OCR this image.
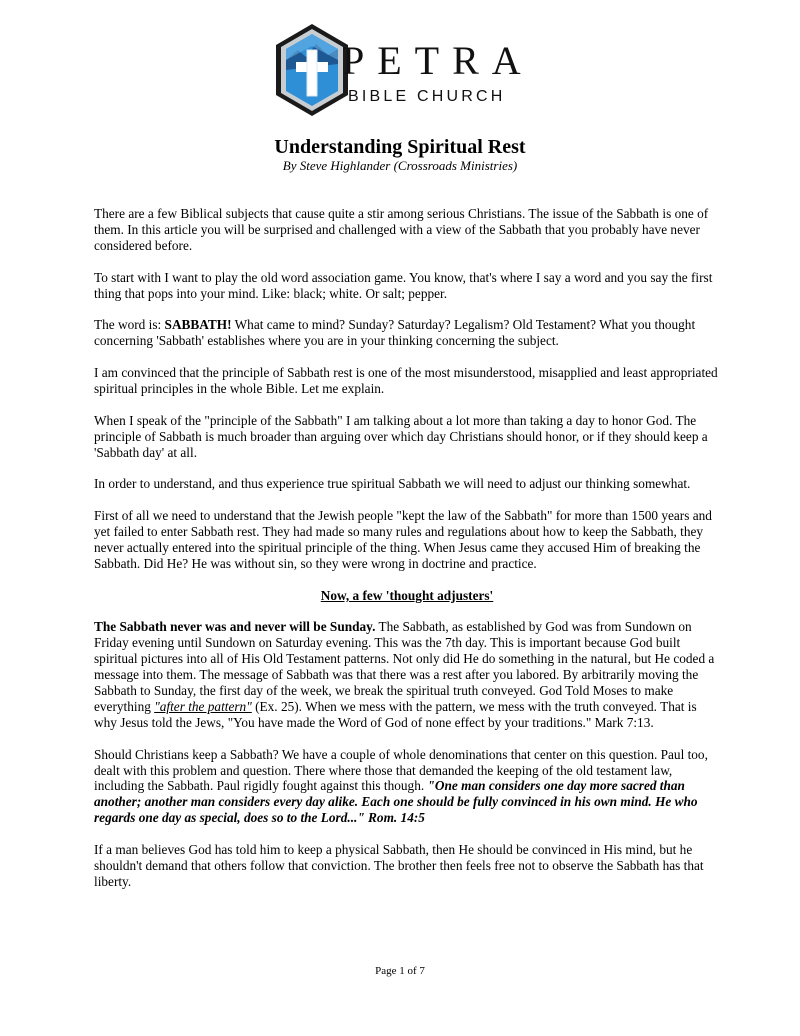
PETRA
BIBLE CHURCH
Understanding Spiritual Rest
By Steve Highlander (Crossroads Ministries)

There are a few Biblical subjects that cause quite a stir among serious Christians. The issue of the Sabbath is one of them. In this article you will be surprised and challenged with a view of the Sabbath that you probably have never considered before.

To start with I want to play the old word association game. You know, that's where I say a word and you say the first thing that pops into your mind. Like: black; white. Or salt; pepper.

The word is: SABBATH! What came to mind? Sunday? Saturday? Legalism? Old Testament? What you thought concerning 'Sabbath' establishes where you are in your thinking concerning the subject.

I am convinced that the principle of Sabbath rest is one of the most misunderstood, misapplied and least appropriated spiritual principles in the whole Bible. Let me explain.

When I speak of the "principle of the Sabbath" I am talking about a lot more than taking a day to honor God. The principle of Sabbath is much broader than arguing over which day Christians should honor, or if they should keep a 'Sabbath day' at all.

In order to understand, and thus experience true spiritual Sabbath we will need to adjust our thinking somewhat.

First of all we need to understand that the Jewish people "kept the law of the Sabbath" for more than 1500 years and yet failed to enter Sabbath rest. They had made so many rules and regulations about how to keep the Sabbath, they never actually entered into the spiritual principle of the thing. When Jesus came they accused Him of breaking the Sabbath. Did He? He was without sin, so they were wrong in doctrine and practice.

Now, a few 'thought adjusters'

The Sabbath never was and never will be Sunday. The Sabbath, as established by God was from Sundown on Friday evening until Sundown on Saturday evening. This was the 7th day. This is important because God built spiritual pictures into all of His Old Testament patterns. Not only did He do something in the natural, but He coded a message into them. The message of Sabbath was that there was a rest after you labored. By arbitrarily moving the Sabbath to Sunday, the first day of the week, we break the spiritual truth conveyed. God Told Moses to make everything "after the pattern" (Ex. 25). When we mess with the pattern, we mess with the truth conveyed. That is why Jesus told the Jews, "You have made the Word of God of none effect by your traditions." Mark 7:13.

Should Christians keep a Sabbath? We have a couple of whole denominations that center on this question. Paul too, dealt with this problem and question. There where those that demanded the keeping of the old testament law, including the Sabbath. Paul rigidly fought against this though. "One man considers one day more sacred than another; another man considers every day alike. Each one should be fully convinced in his own mind. He who regards one day as special, does so to the Lord..." Rom. 14:5

If a man believes God has told him to keep a physical Sabbath, then He should be convinced in His mind, but he shouldn't demand that others follow that conviction. The brother then feels free not to observe the Sabbath has that liberty.

Page 1 of 7
